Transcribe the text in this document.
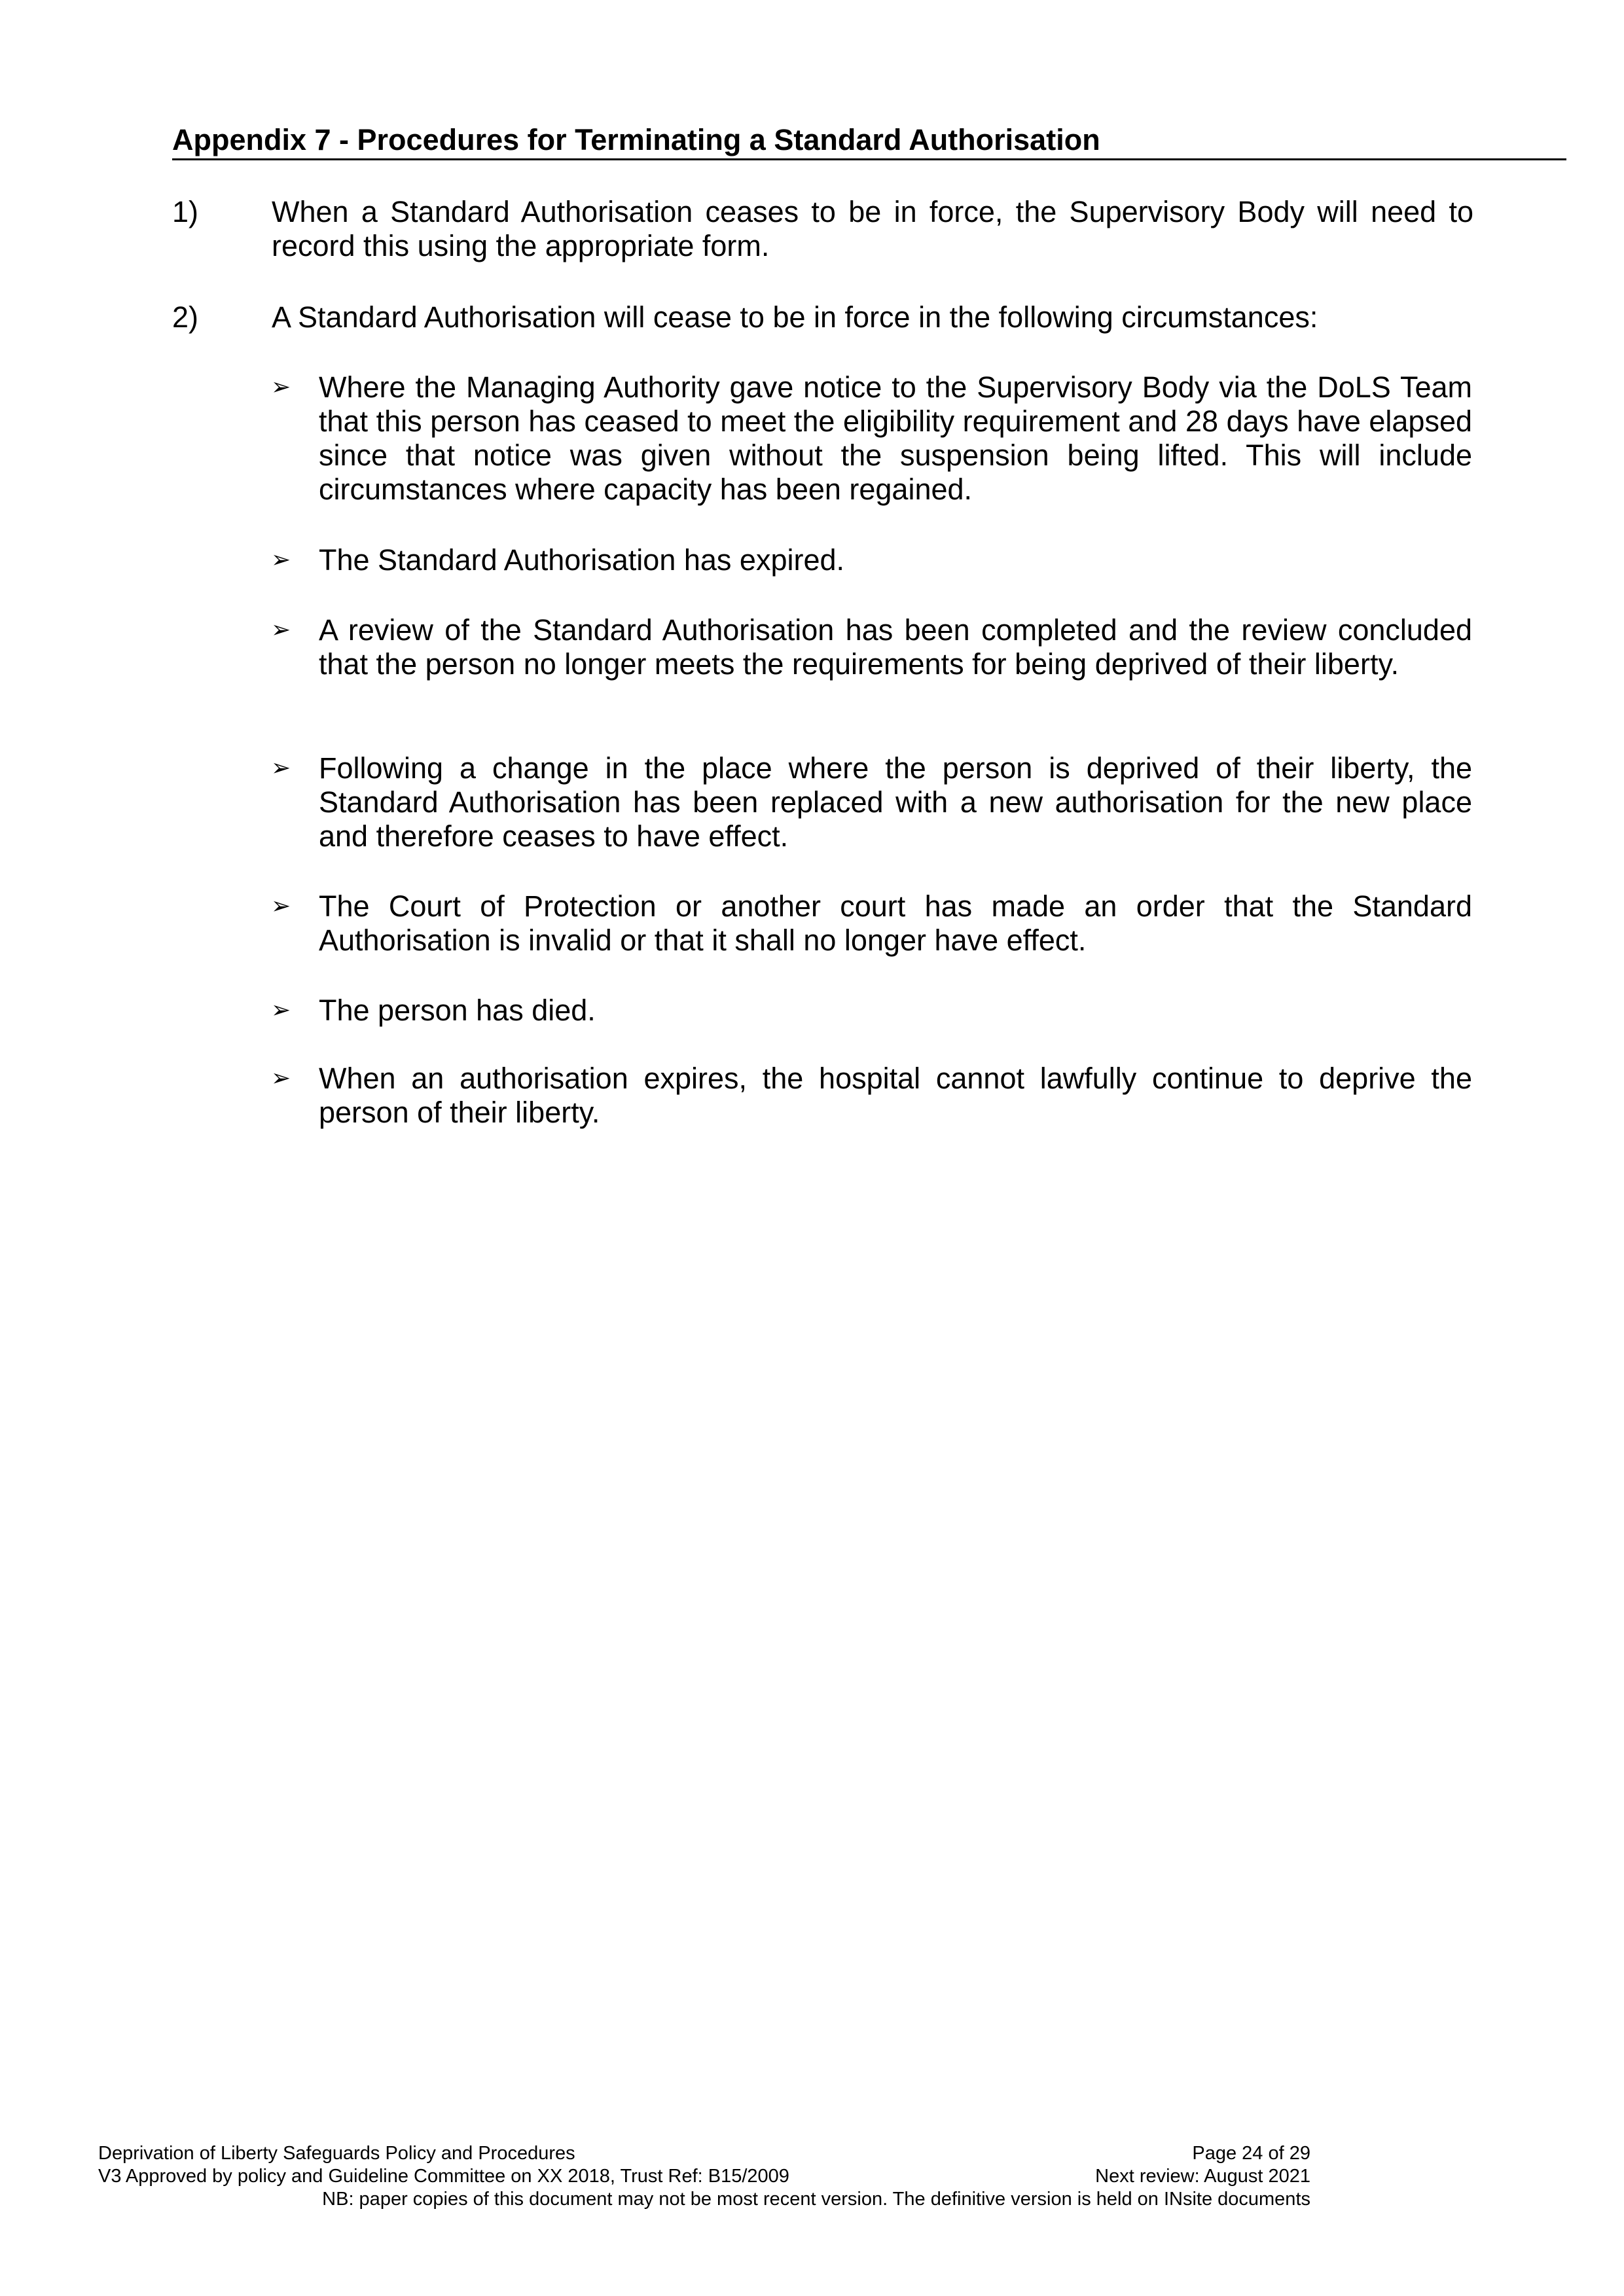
Appendix 7 - Procedures for Terminating a Standard Authorisation
1) When a Standard Authorisation ceases to be in force, the Supervisory Body will need to record this using the appropriate form.
2) A Standard Authorisation will cease to be in force in the following circumstances:
➢ Where the Managing Authority gave notice to the Supervisory Body via the DoLS Team that this person has ceased to meet the eligibility requirement and 28 days have elapsed since that notice was given without the suspension being lifted. This will include circumstances where capacity has been regained.
➢ The Standard Authorisation has expired.
➢ A review of the Standard Authorisation has been completed and the review concluded that the person no longer meets the requirements for being deprived of their liberty.
➢ Following a change in the place where the person is deprived of their liberty, the Standard Authorisation has been replaced with a new authorisation for the new place and therefore ceases to have effect.
➢ The Court of Protection or another court has made an order that the Standard Authorisation is invalid or that it shall no longer have effect.
➢ The person has died.
➢ When an authorisation expires, the hospital cannot lawfully continue to deprive the person of their liberty.
Deprivation of Liberty Safeguards Policy and Procedures	Page 24 of 29
V3 Approved by policy and Guideline Committee on XX 2018, Trust Ref: B15/2009	Next review: August 2021
NB: paper copies of this document may not be most recent version. The definitive version is held on INsite documents
